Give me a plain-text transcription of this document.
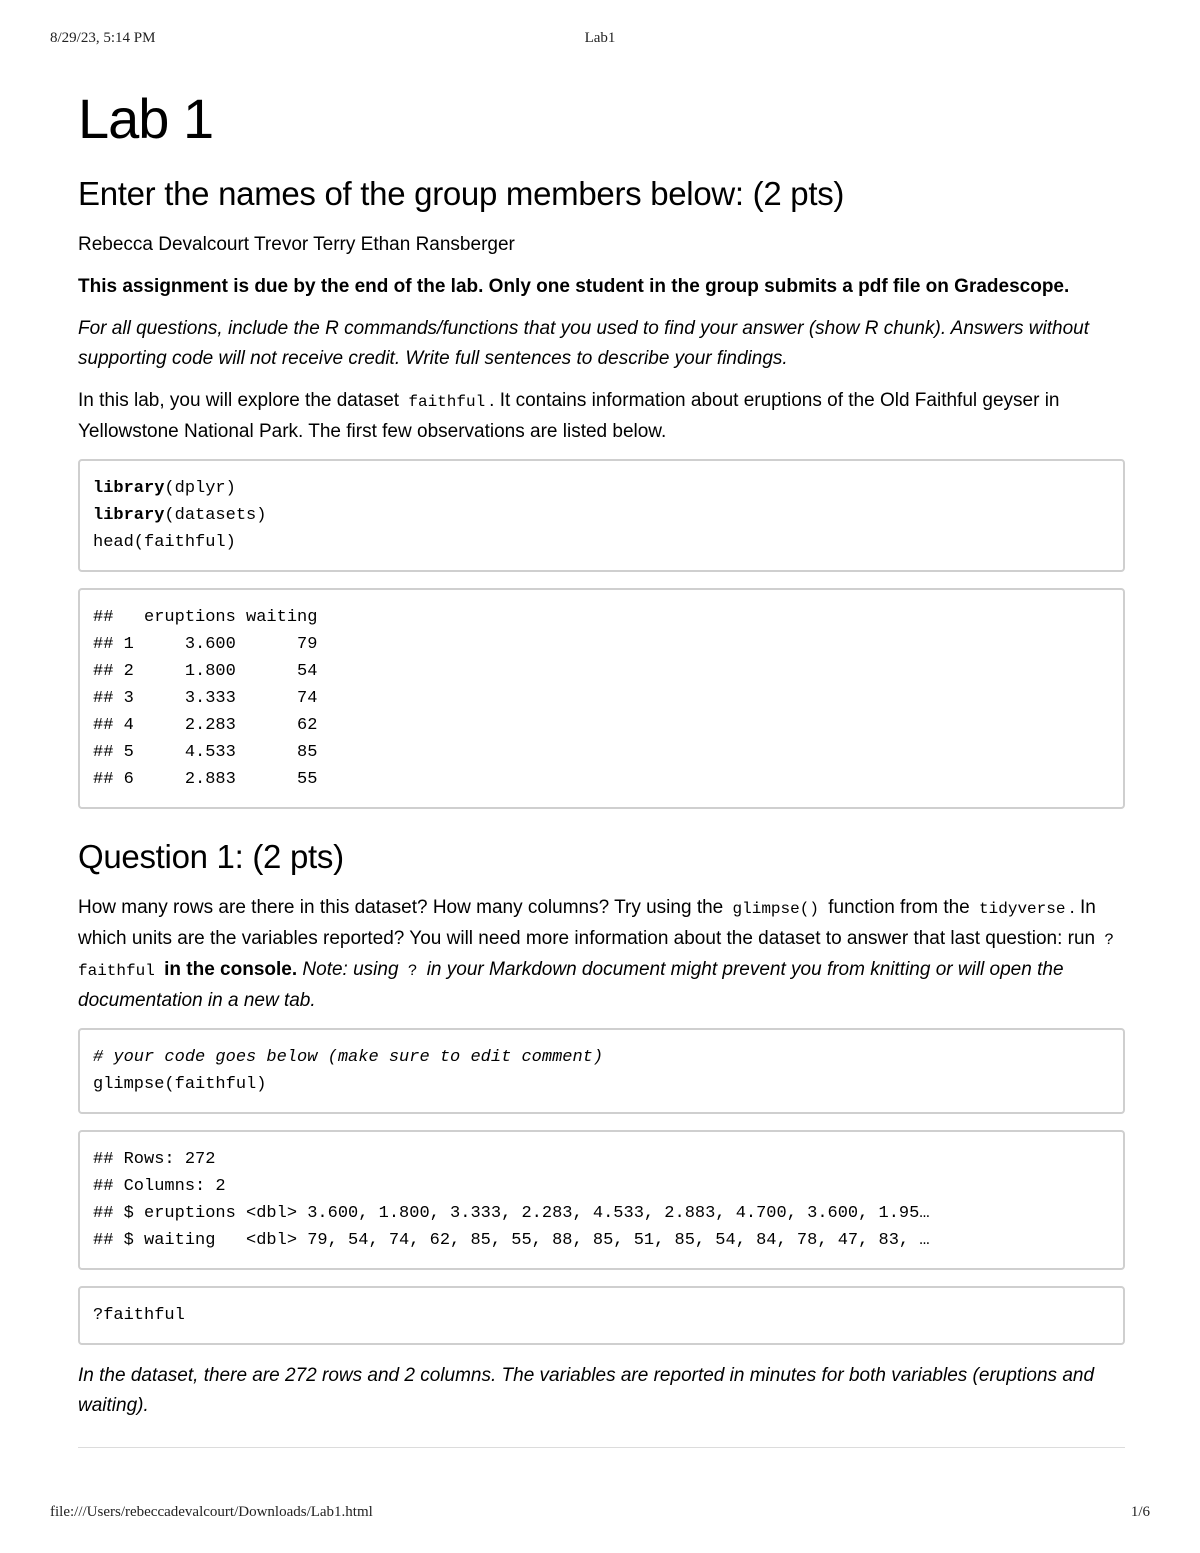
8/29/23, 5:14 PM	Lab1
Lab 1
Enter the names of the group members below: (2 pts)

Rebecca Devalcourt Trevor Terry Ethan Ransberger

This assignment is due by the end of the lab. Only one student in the group submits a pdf file on Gradescope.

For all questions, include the R commands/functions that you used to find your answer (show R chunk). Answers without supporting code will not receive credit. Write full sentences to describe your findings.

In this lab, you will explore the dataset faithful . It contains information about eruptions of the Old Faithful geyser in Yellowstone National Park. The first few observations are listed below.

library(dplyr)
library(datasets)
head(faithful)
##   eruptions waiting
## 1     3.600      79
## 2     1.800      54
## 3     3.333      74
## 4     2.283      62
## 5     4.533      85
## 6     2.883      55
Question 1: (2 pts)

How many rows are there in this dataset? How many columns? Try using the glimpse() function from the tidyverse . In which units are the variables reported? You will need more information about the dataset to answer that last question: run ?faithful in the console. Note: using ? in your Markdown document might prevent you from knitting or will open the documentation in a new tab.

# your code goes below (make sure to edit comment)
glimpse(faithful)
## Rows: 272
## Columns: 2
## $ eruptions <dbl> 3.600, 1.800, 3.333, 2.283, 4.533, 2.883, 4.700, 3.600, 1.95…
## $ waiting   <dbl> 79, 54, 74, 62, 85, 55, 88, 85, 51, 85, 54, 84, 78, 47, 83, …
?faithful

In the dataset, there are 272 rows and 2 columns. The variables are reported in minutes for both variables (eruptions and waiting).

file:///Users/rebeccadevalcourt/Downloads/Lab1.html	1/6
